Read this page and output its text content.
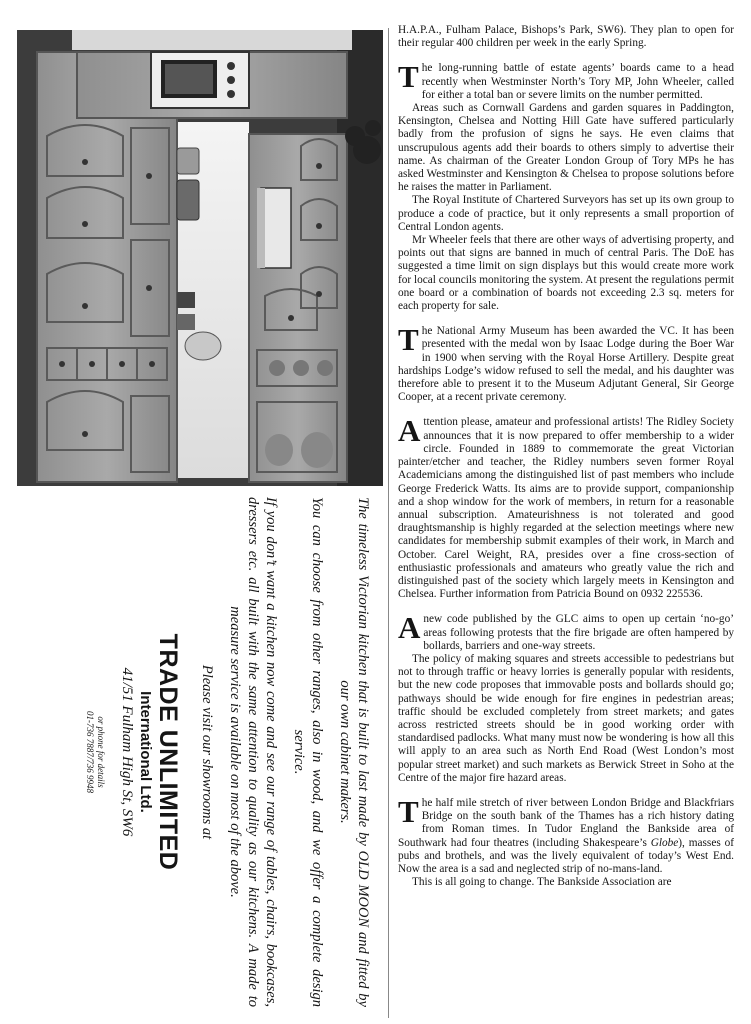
The timeless Victorian kitchen that is built to last made by OLD MOON and fitted by our own cabinet makers.

You can choose from other ranges, also in wood, and we offer a complete design service.

If you don’t want a kitchen now come and see our range of tables, chairs, bookcases, dressers etc. all built with the same attention to quality as our kitchens. A made to measure service is available on most of the above.

Please visit our showrooms at

TRADE UNLIMITED

International Ltd.

41/51 Fulham High St, SW6

or phone for details

01-736 7887/736 9948

H.A.P.A., Fulham Palace, Bishops’s Park, SW6). They plan to open for their regular 400 children per week in the early Spring.

The long-running battle of estate agents’ boards came to a head recently when Westminster North’s Tory MP, John Wheeler, called for either a total ban or severe limits on the number permitted.

Areas such as Cornwall Gardens and garden squares in Paddington, Kensington, Chelsea and Notting Hill Gate have suffered particularly badly from the profusion of signs he says. He even claims that unscrupulous agents add their boards to others simply to advertise their name. As chairman of the Greater London Group of Tory MPs he has asked Westminster and Kensington & Chelsea to propose solutions before he raises the matter in Parliament.

The Royal Institute of Chartered Surveyors has set up its own group to produce a code of practice, but it only represents a small proportion of Central London agents.

Mr Wheeler feels that there are other ways of advertising property, and points out that signs are banned in much of central Paris. The DoE has suggested a time limit on sign displays but this would create more work for local councils monitoring the system. At present the regulations permit one board or a combination of boards not exceeding 2.3 sq. meters for each property for sale.

The National Army Museum has been awarded the VC. It has been presented with the medal won by Isaac Lodge during the Boer War in 1900 when serving with the Royal Horse Artillery. Despite great hardships Lodge’s widow refused to sell the medal, and his daughter was therefore able to present it to the Museum Adjutant General, Sir George Cooper, at a recent private ceremony.

Attention please, amateur and professional artists! The Ridley Society announces that it is now prepared to offer membership to a wider circle. Founded in 1889 to commemorate the great Victorian painter/etcher and teacher, the Ridley numbers seven former Royal Academicians among the distinguished list of past members who include George Frederick Watts. Its aims are to provide support, companionship and a shop window for the work of members, in return for a reasonable annual subscription. Amateurishness is not tolerated and good draughtsmanship is highly regarded at the selection meetings where new candidates for membership submit examples of their work, in March and October. Carel Weight, RA, presides over a fine cross-section of enthusiastic professionals and amateurs who greatly value the rich and distinguished past of the society which largely meets in Kensington and Chelsea. Further information from Patricia Bound on 0932 225536.

Anew code published by the GLC aims to open up certain ‘no-go’ areas following protests that the fire brigade are often hampered by bollards, barriers and one-way streets.

The policy of making squares and streets accessible to pedestrians but not to through traffic or heavy lorries is generally popular with residents, but the new code proposes that immovable posts and bollards should go; pathways should be wide enough for fire engines in pedestrian areas; traffic should be excluded completely from street markets; and gates across restricted streets should be in good working order with standardised padlocks. What many must now be wondering is how all this will apply to an area such as North End Road (West London’s most popular street market) and such markets as Berwick Street in Soho at the Centre of the major fire hazard areas.

The half mile stretch of river between London Bridge and Blackfriars Bridge on the south bank of the Thames has a rich history dating from Roman times. In Tudor England the Bankside area of Southwark had four theatres (including Shakespeare’s Globe), masses of pubs and brothels, and was the lively equivalent of today’s West End. Now the area is a sad and neglected strip of no-mans-land.

This is all going to change. The Bankside Association are
